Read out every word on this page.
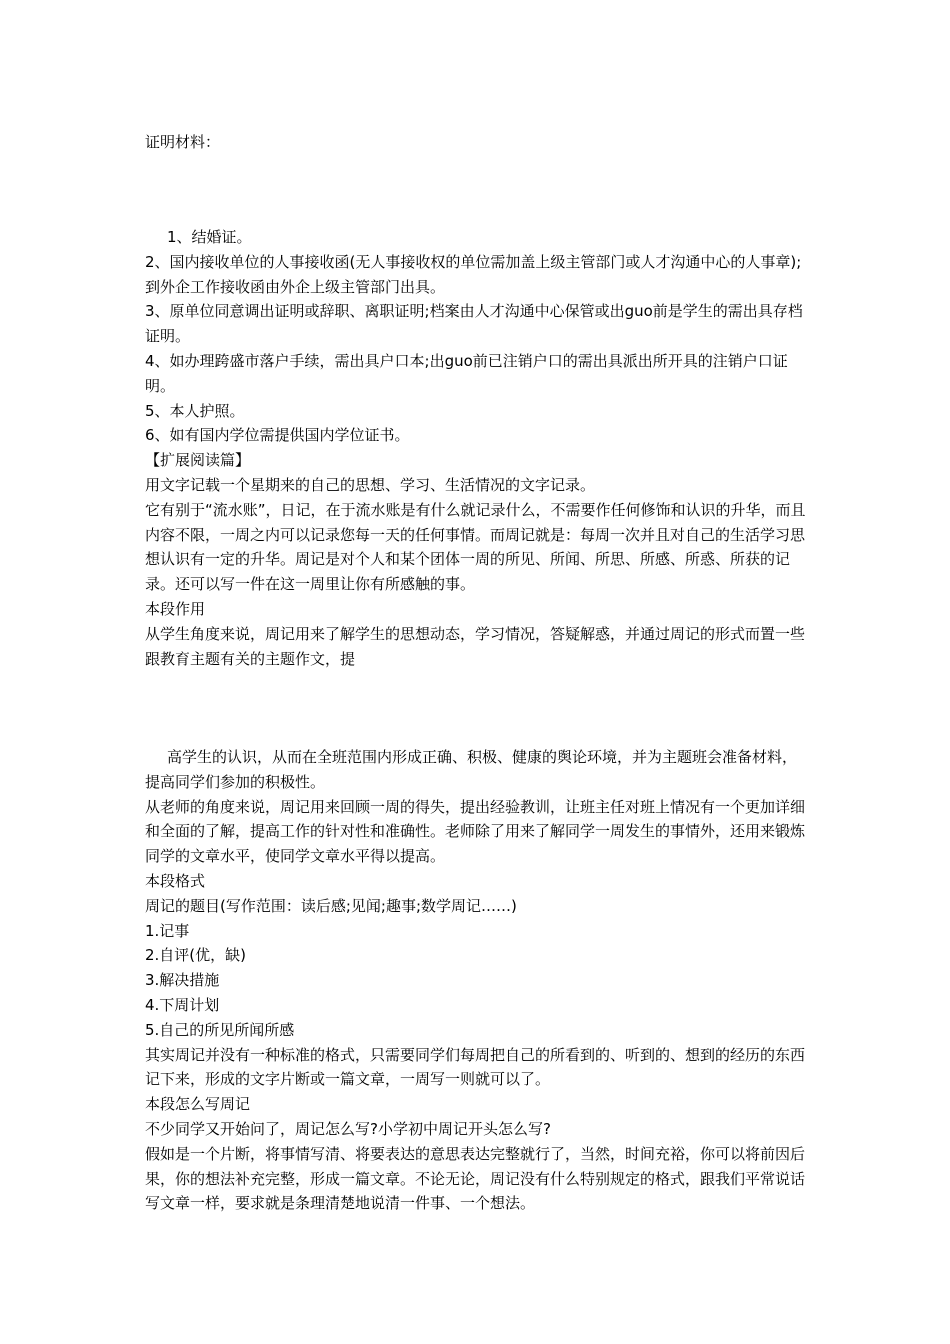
证明材料：

1、结婚证。

2、国内接收单位的人事接收函(无人事接收权的单位需加盖上级主管部门或人才沟通中心的人事章);到外企工作接收函由外企上级主管部门出具。

3、原单位同意调出证明或辞职、离职证明;档案由人才沟通中心保管或出guo前是学生的需出具存档证明。

4、如办理跨盛市落户手续，需出具户口本;出guo前已注销户口的需出具派出所开具的注销户口证明。

5、本人护照。

6、如有国内学位需提供国内学位证书。

【扩展阅读篇】

用文字记载一个星期来的自己的思想、学习、生活情况的文字记录。

它有别于“流水账”，日记，在于流水账是有什么就记录什么，不需要作任何修饰和认识的升华，而且内容不限，一周之内可以记录您每一天的任何事情。而周记就是：每周一次并且对自己的生活学习思想认识有一定的升华。周记是对个人和某个团体一周的所见、所闻、所思、所感、所惑、所获的记录。还可以写一件在这一周里让你有所感触的事。

本段作用

从学生角度来说，周记用来了解学生的思想动态，学习情况，答疑解惑，并通过周记的形式而置一些跟教育主题有关的主题作文，提

高学生的认识，从而在全班范围内形成正确、积极、健康的舆论环境，并为主题班会准备材料，提高同学们参加的积极性。

从老师的角度来说，周记用来回顾一周的得失，提出经验教训，让班主任对班上情况有一个更加详细和全面的了解，提高工作的针对性和准确性。老师除了用来了解同学一周发生的事情外，还用来锻炼同学的文章水平，使同学文章水平得以提高。

本段格式

周记的题目(写作范围：读后感;见闻;趣事;数学周记……)

1.记事

2.自评(优，缺)

3.解决措施

4.下周计划

5.自己的所见所闻所感

其实周记并没有一种标准的格式，只需要同学们每周把自己的所看到的、听到的、想到的经历的东西记下来，形成的文字片断或一篇文章，一周写一则就可以了。

本段怎么写周记

不少同学又开始问了，周记怎么写?小学初中周记开头怎么写?

假如是一个片断，将事情写清、将要表达的意思表达完整就行了，当然，时间充裕，你可以将前因后果，你的想法补充完整，形成一篇文章。不论无论，周记没有什么特别规定的格式，跟我们平常说话写文章一样，要求就是条理清楚地说清一件事、一个想法。
